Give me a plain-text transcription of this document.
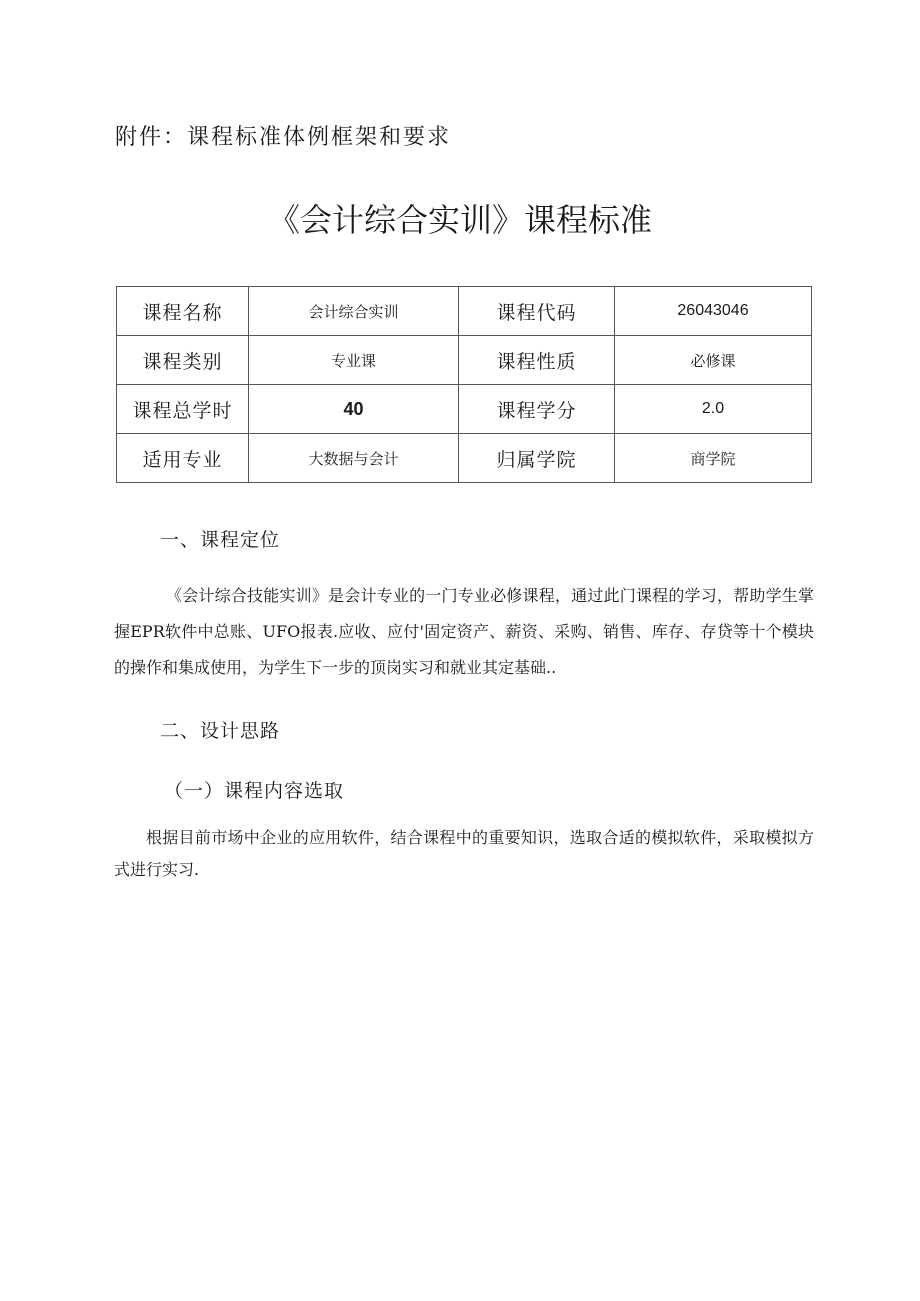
附件：课程标准体例框架和要求
《会计综合实训》课程标准
课程名称	会计综合实训	课程代码	26043046
课程类别	专业课	课程性质	必修课
课程总学时	40	课程学分	2.0
适用专业	大数据与会计	归属学院	商学院
一、课程定位
《会计综合技能实训》是会计专业的一门专业必修课程，通过此门课程的学习，帮助学生掌握EPR软件中总账、UFO报表.应收、应付'固定资产、薪资、采购、销售、库存、存贷等十个模块的操作和集成使用，为学生下一步的顶岗实习和就业其定基础..
二、设计思路
（一）课程内容选取
根据目前市场中企业的应用软件，结合课程中的重要知识，选取合适的模拟软件，采取模拟方式进行实习.
